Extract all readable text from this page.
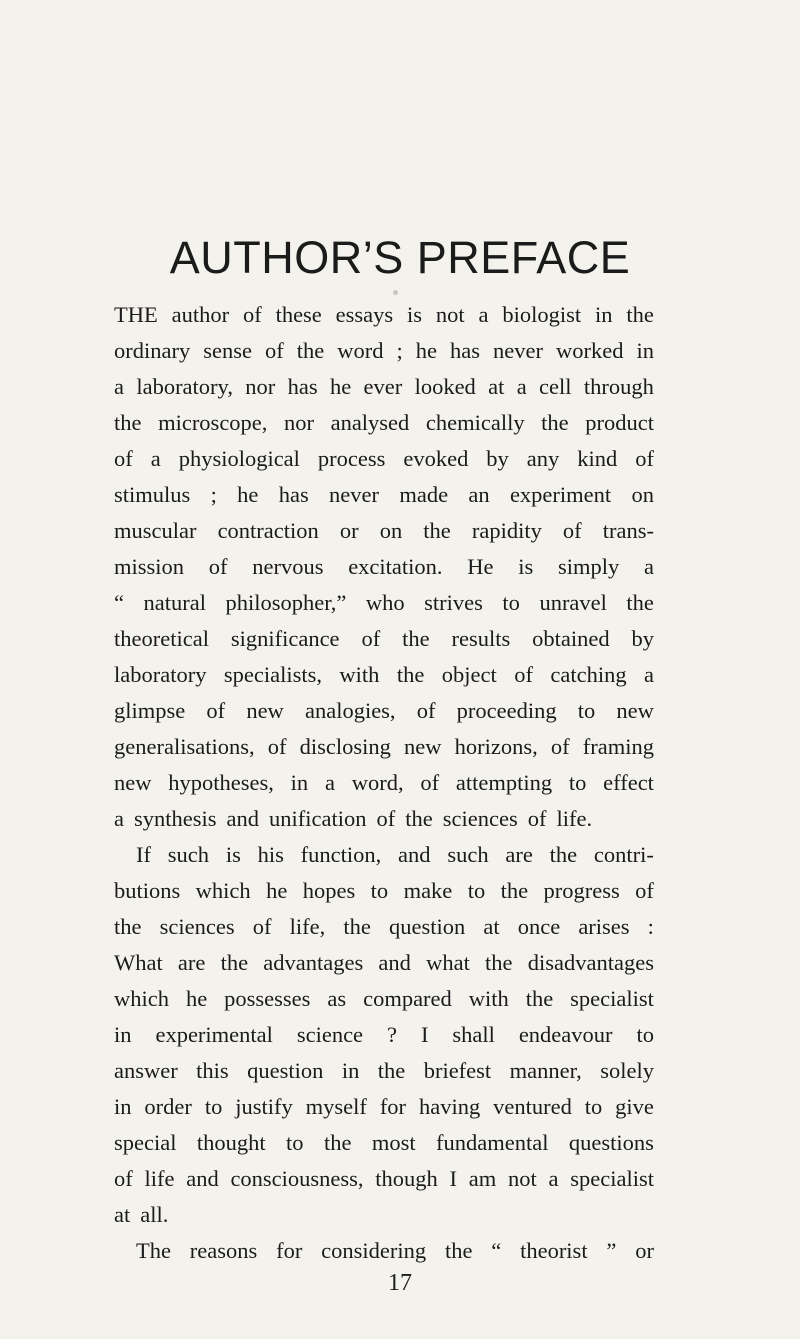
AUTHOR’S PREFACE
THE author of these essays is not a biologist in the
ordinary sense of the word ; he has never worked in
a laboratory, nor has he ever looked at a cell through
the microscope, nor analysed chemically the product
of a physiological process evoked by any kind of
stimulus ; he has never made an experiment on
muscular contraction or on the rapidity of trans-
mission of nervous excitation. He is simply a
“ natural philosopher,” who strives to unravel the
theoretical significance of the results obtained by
laboratory specialists, with the object of catching a
glimpse of new analogies, of proceeding to new
generalisations, of disclosing new horizons, of framing
new hypotheses, in a word, of attempting to effect
a synthesis and unification of the sciences of life.
If such is his function, and such are the contri-
butions which he hopes to make to the progress of
the sciences of life, the question at once arises :
What are the advantages and what the disadvantages
which he possesses as compared with the specialist
in experimental science ? I shall endeavour to
answer this question in the briefest manner, solely
in order to justify myself for having ventured to give
special thought to the most fundamental questions
of life and consciousness, though I am not a specialist
at all.
The reasons for considering the “ theorist ” or
17
